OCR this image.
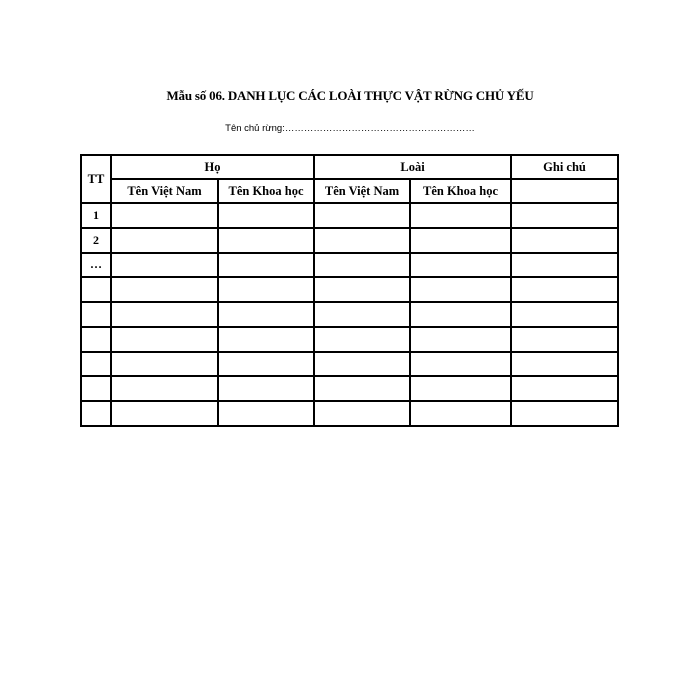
Mẫu số 06. DANH LỤC CÁC LOÀI THỰC VẬT RỪNG CHỦ YẾU
Tên chủ rừng:……………………………………………………
TT	Họ		Loài		Ghi chú
	Tên Việt Nam	Tên Khoa học	Tên Việt Nam	Tên Khoa học	
1					
2					
…					
